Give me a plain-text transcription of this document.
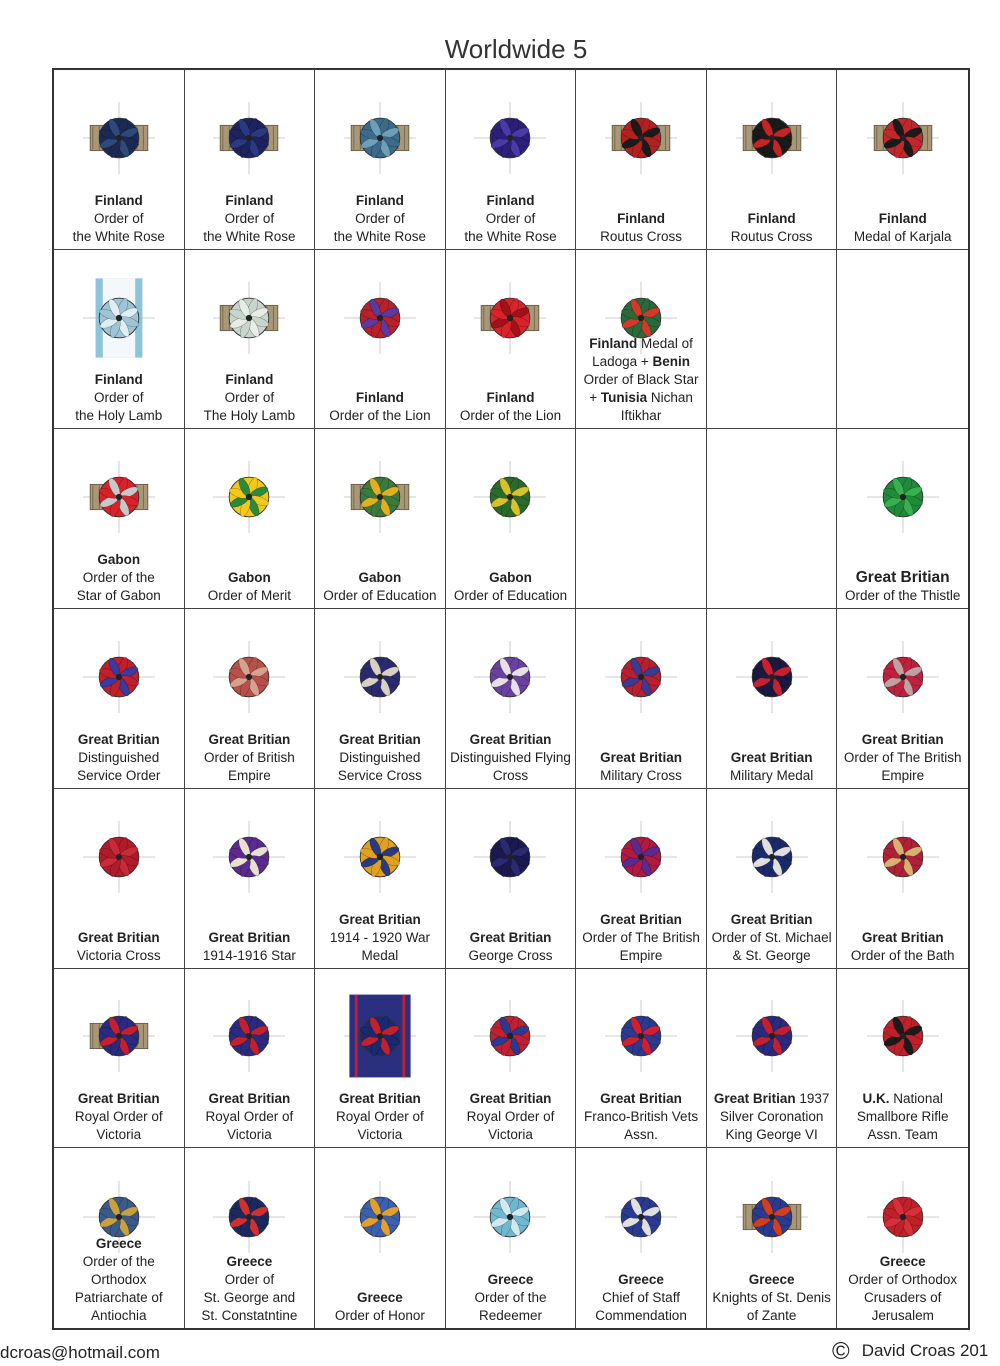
Worldwide 5
Finland
Order of
the White Rose
Finland
Order of
the White Rose
Finland
Order of
the White Rose
Finland
Order of
the White Rose
Finland
Routus Cross
Finland
Routus Cross
Finland
Medal of Karjala
Finland
Order of
the Holy Lamb
Finland
Order of
The Holy Lamb
Finland
Order of the Lion
Finland
Order of the Lion
Finland Medal of Ladoga + Benin Order of Black Star + Tunisia Nichan Iftikhar
Gabon
Order of the
Star of Gabon
Gabon
Order of Merit
Gabon
Order of Education
Gabon
Order of Education
Great Britian
Order of the Thistle
Great Britian
Distinguished
Service Order
Great Britian
Order of British
Empire
Great Britian
Distinguished
Service Cross
Great Britian
Distinguished Flying
Cross
Great Britian
Military Cross
Great Britian
Military Medal
Great Britian
Order of The British
Empire
Great Britian
Victoria Cross
Great Britian
1914-1916 Star
Great Britian
1914 - 1920 War
Medal
Great Britian
George Cross
Great Britian
Order of The British
Empire
Great Britian
Order of St. Michael
& St. George
Great Britian
Order of the Bath
Great Britian
Royal Order of
Victoria
Great Britian
Royal Order of
Victoria
Great Britian
Royal Order of
Victoria
Great Britian
Royal Order of
Victoria
Great Britian
Franco-British Vets
Assn.
Great Britian 1937 Silver Coronation King George VI
U.K. National Smallbore Rifle Assn. Team
Greece
Order of the
Orthodox
Patriarchate of
Antiochia
Greece
Order of
St. George and
St. Constatntine
Greece
Order of Honor
Greece
Order of the
Redeemer
Greece
Chief of Staff
Commendation
Greece
Knights of St. Denis
of Zante
Greece
Order of Orthodox
Crusaders of
Jerusalem
dcroas@hotmail.com	© David Croas 201
